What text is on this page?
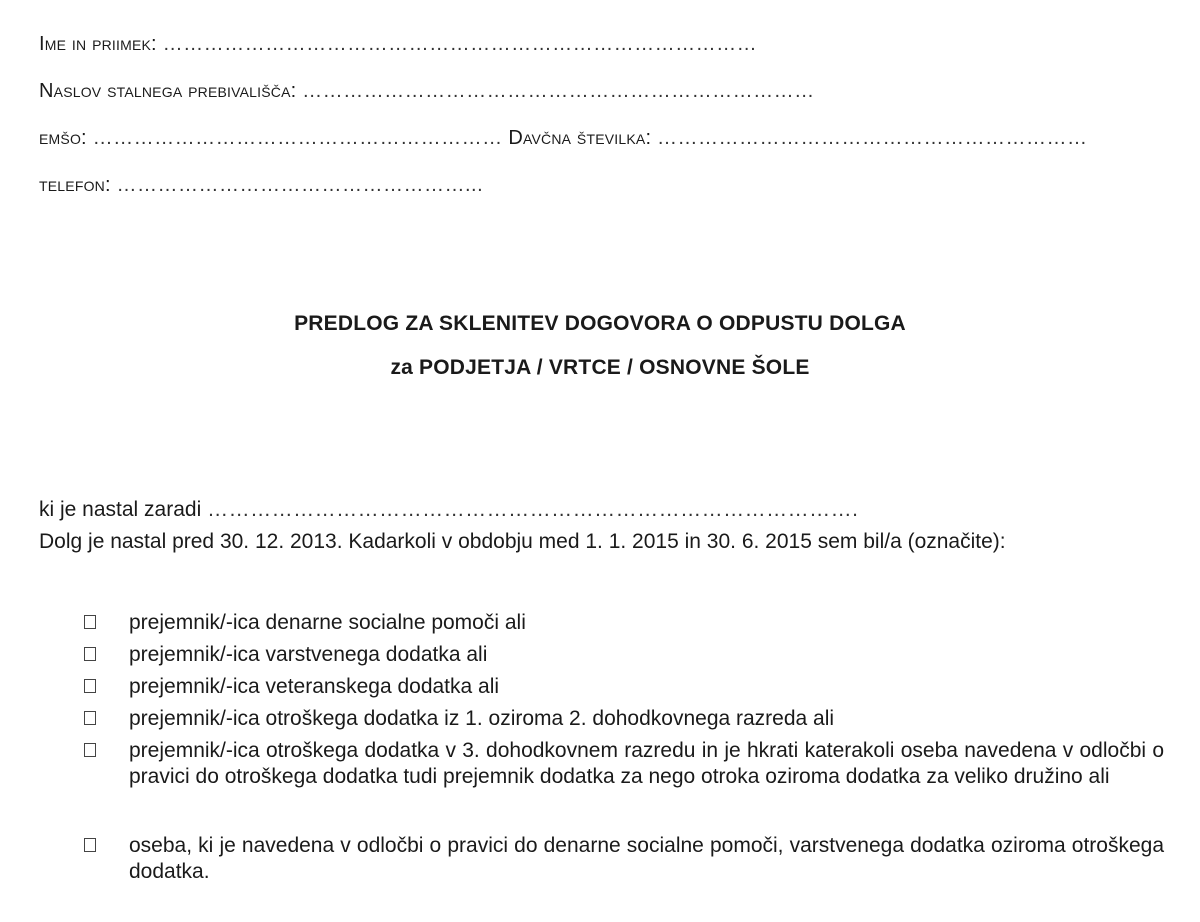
Ime in priimek: ……………………………………………………………………………
Naslov stalnega prebivališča: …………………………………………………………………
emšo: …………………………………………………… Davčna številka: ………………………………………………………
telefon: ……………………………………………...
PREDLOG ZA SKLENITEV DOGOVORA O ODPUSTU DOLGA
za PODJETJA / VRTCE / OSNOVNE ŠOLE
ki je nastal zaradi ……………………………………………………………………………….
Dolg je nastal pred 30. 12. 2013. Kadarkoli v obdobju med 1. 1. 2015 in 30. 6. 2015 sem bil/a (označite):
prejemnik/-ica denarne socialne pomoči ali
prejemnik/-ica varstvenega dodatka ali
prejemnik/-ica veteranskega dodatka ali
prejemnik/-ica otroškega dodatka iz 1. oziroma 2. dohodkovnega razreda ali
prejemnik/-ica otroškega dodatka v 3. dohodkovnem razredu in je hkrati katerakoli oseba navedena v odločbi o pravici do otroškega dodatka tudi prejemnik dodatka za nego otroka oziroma dodatka za veliko družino ali
oseba, ki je navedena v odločbi o pravici do denarne socialne pomoči, varstvenega dodatka oziroma otroškega dodatka.
